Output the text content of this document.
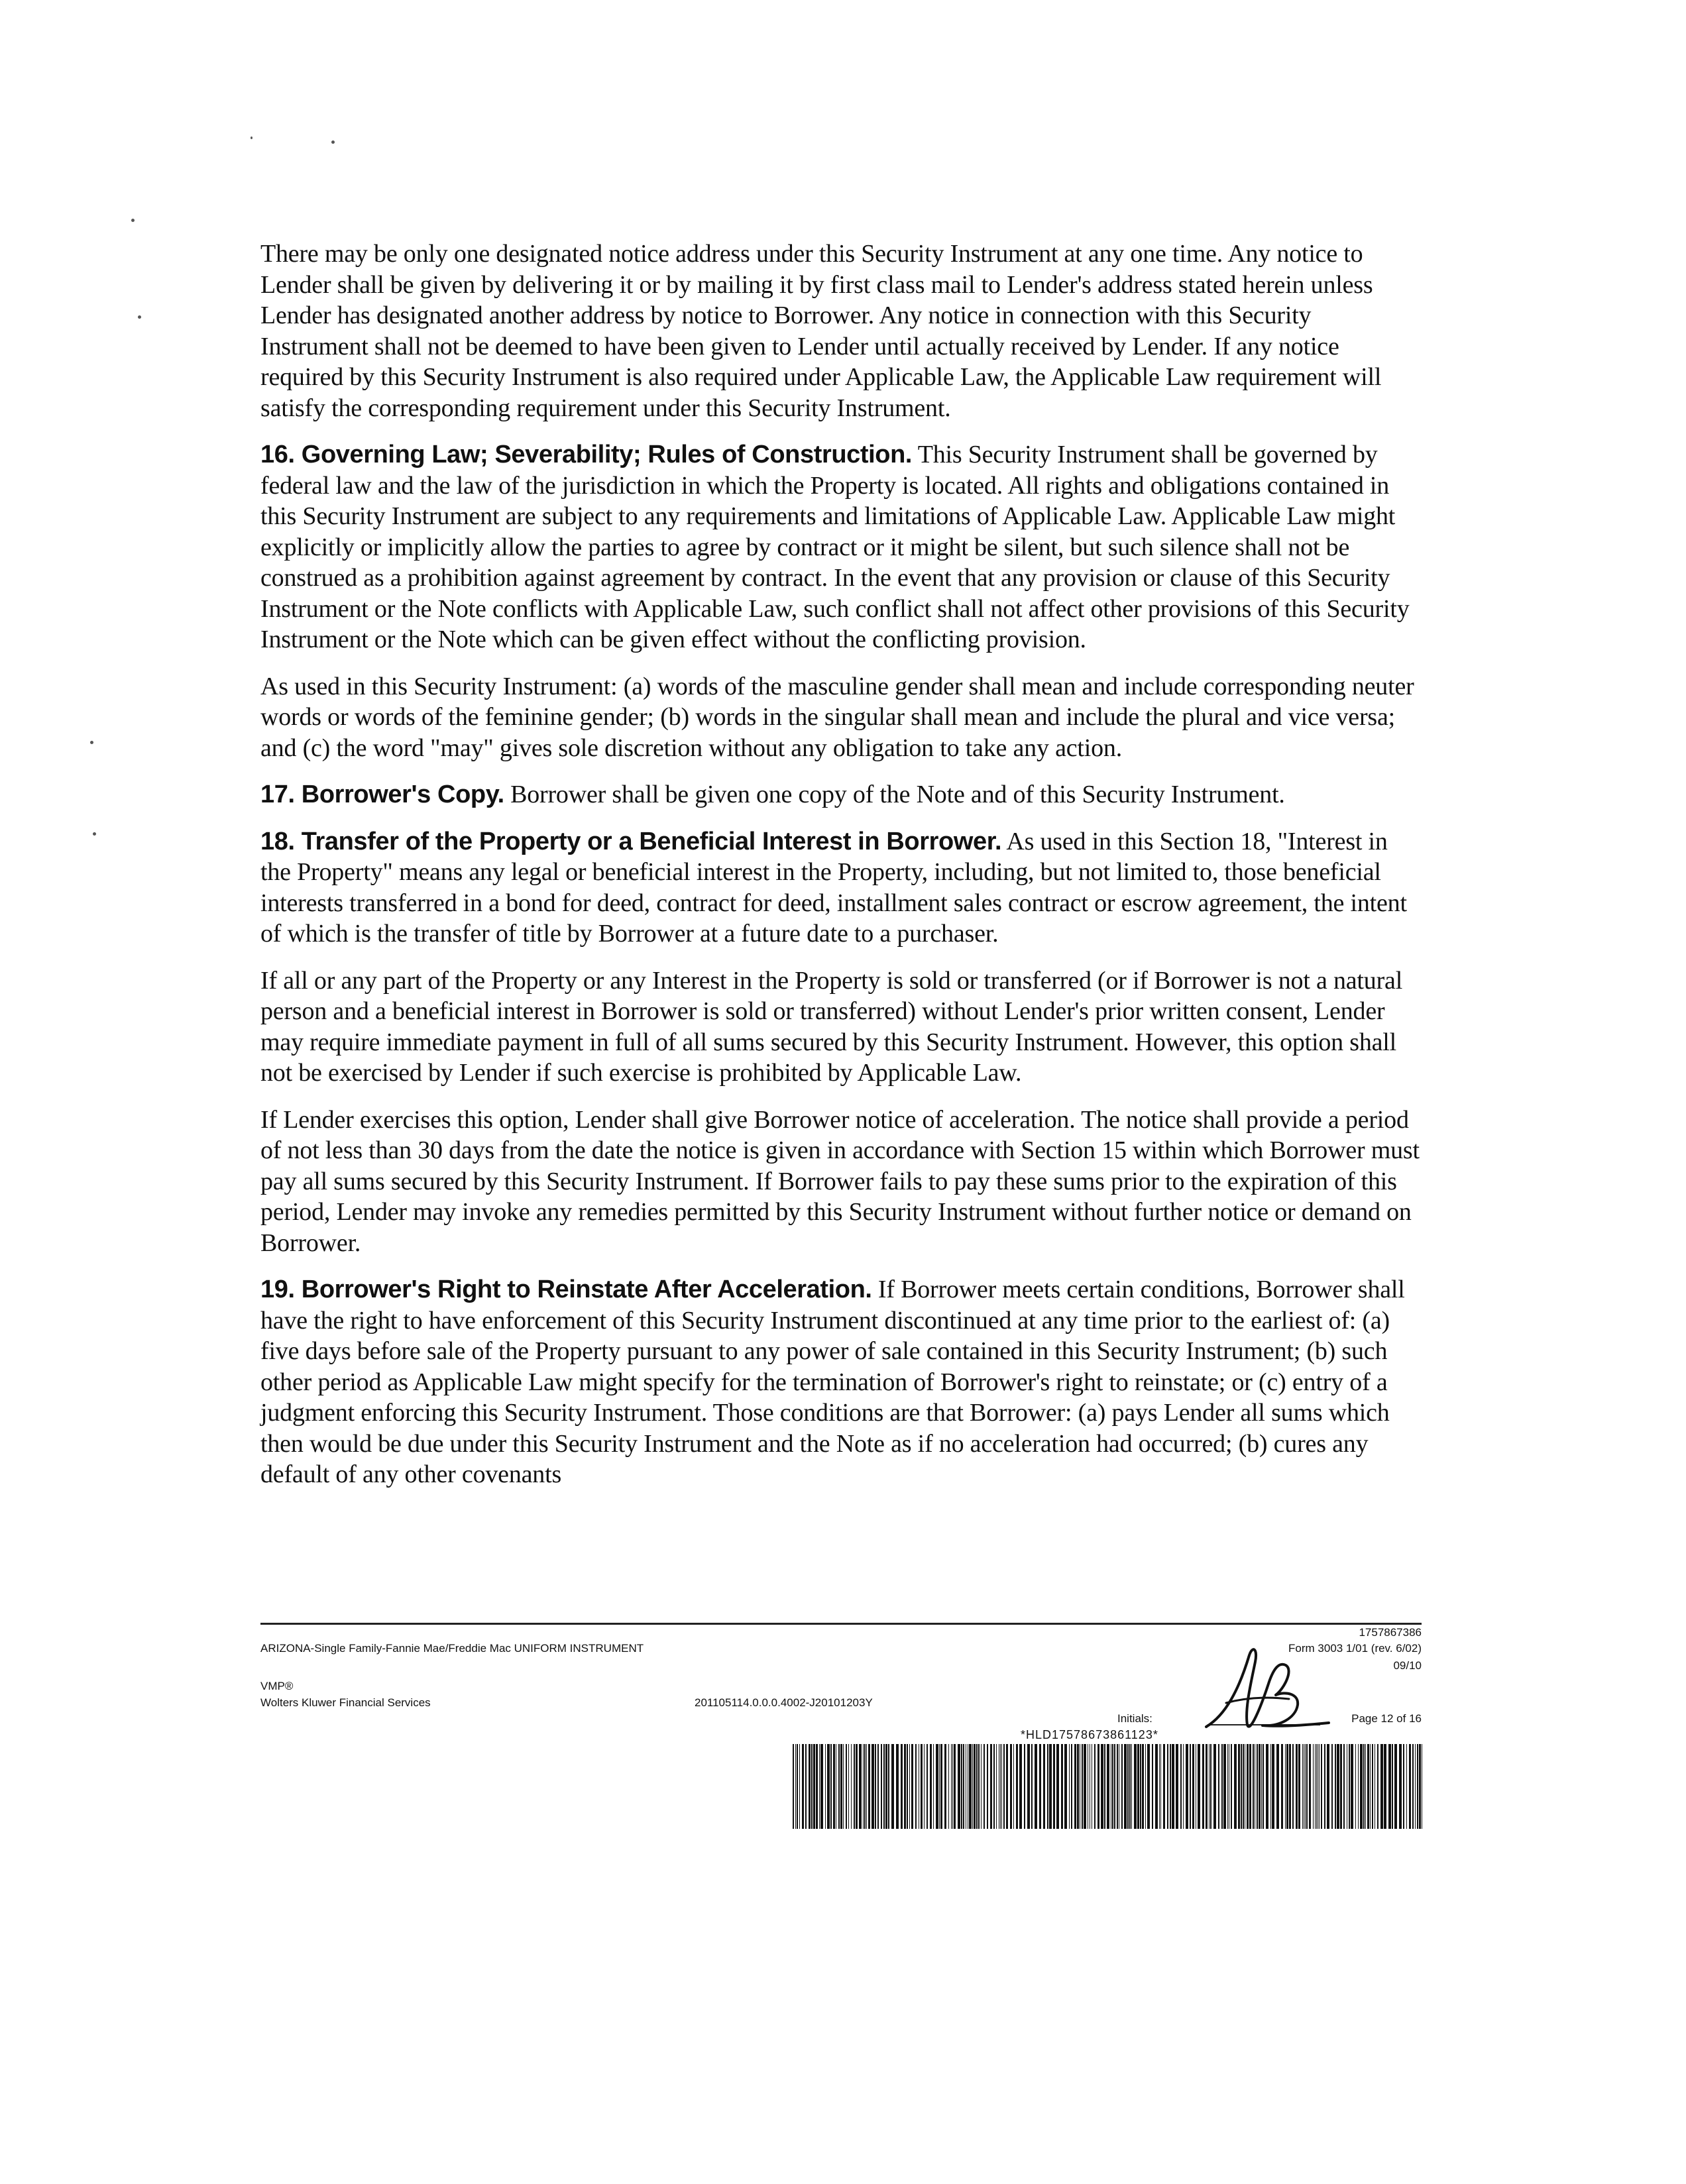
There may be only one designated notice address under this Security Instrument at any one time. Any notice to Lender shall be given by delivering it or by mailing it by first class mail to Lender's address stated herein unless Lender has designated another address by notice to Borrower. Any notice in connection with this Security Instrument shall not be deemed to have been given to Lender until actually received by Lender. If any notice required by this Security Instrument is also required under Applicable Law, the Applicable Law requirement will satisfy the corresponding requirement under this Security Instrument.

16. Governing Law; Severability; Rules of Construction. This Security Instrument shall be governed by federal law and the law of the jurisdiction in which the Property is located. All rights and obligations contained in this Security Instrument are subject to any requirements and limitations of Applicable Law. Applicable Law might explicitly or implicitly allow the parties to agree by contract or it might be silent, but such silence shall not be construed as a prohibition against agreement by contract. In the event that any provision or clause of this Security Instrument or the Note conflicts with Applicable Law, such conflict shall not affect other provisions of this Security Instrument or the Note which can be given effect without the conflicting provision.

As used in this Security Instrument: (a) words of the masculine gender shall mean and include corresponding neuter words or words of the feminine gender; (b) words in the singular shall mean and include the plural and vice versa; and (c) the word "may" gives sole discretion without any obligation to take any action.

17. Borrower's Copy. Borrower shall be given one copy of the Note and of this Security Instrument.

18. Transfer of the Property or a Beneficial Interest in Borrower. As used in this Section 18, "Interest in the Property" means any legal or beneficial interest in the Property, including, but not limited to, those beneficial interests transferred in a bond for deed, contract for deed, installment sales contract or escrow agreement, the intent of which is the transfer of title by Borrower at a future date to a purchaser.

If all or any part of the Property or any Interest in the Property is sold or transferred (or if Borrower is not a natural person and a beneficial interest in Borrower is sold or transferred) without Lender's prior written consent, Lender may require immediate payment in full of all sums secured by this Security Instrument. However, this option shall not be exercised by Lender if such exercise is prohibited by Applicable Law.

If Lender exercises this option, Lender shall give Borrower notice of acceleration. The notice shall provide a period of not less than 30 days from the date the notice is given in accordance with Section 15 within which Borrower must pay all sums secured by this Security Instrument. If Borrower fails to pay these sums prior to the expiration of this period, Lender may invoke any remedies permitted by this Security Instrument without further notice or demand on Borrower.

19. Borrower's Right to Reinstate After Acceleration. If Borrower meets certain conditions, Borrower shall have the right to have enforcement of this Security Instrument discontinued at any time prior to the earliest of: (a) five days before sale of the Property pursuant to any power of sale contained in this Security Instrument; (b) such other period as Applicable Law might specify for the termination of Borrower's right to reinstate; or (c) entry of a judgment enforcing this Security Instrument. Those conditions are that Borrower: (a) pays Lender all sums which then would be due under this Security Instrument and the Note as if no acceleration had occurred; (b) cures any default of any other covenants

ARIZONA-Single Family-Fannie Mae/Freddie Mac UNIFORM INSTRUMENT
VMP®
Wolters Kluwer Financial Services	201105114.0.0.0.4002-J20101203Y
1757867386
Form 3003 1/01 (rev. 6/02)
09/10
Initials:	Page 12 of 16
*HLD17578673861123*
